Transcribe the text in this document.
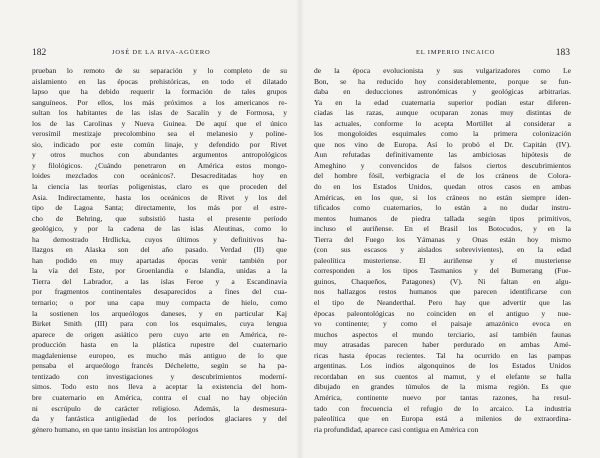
182	JOSÉ DE LA RIVA-AGÜERO
prueban lo remoto de su separación y lo completo de su
aislamiento en las épocas prehistóricas, en todo el dilatado
lapso que ha debido requerir la formación de tales grupos
sanguíneos. Por ellos, los más próximos a los americanos re-
sultan los habitantes de las islas de Sacalín y de Formosa, y
los de las Carolinas y Nueva Guinea. De aquí que el único
verosímil mestizaje precolombino sea el melanesio y poline-
sio, indicado por este común linaje, y defendido por Rivet
y otros muchos con abundantes argumentos antropológicos
y filológicos. ¿Cuándo penetraron en América estos mongo-
loides mezclados con oceánicos?. Desacreditadas hoy en
la ciencia las teorías poligenistas, claro es que proceden del
Asia. Indirectamente, hasta los oceánicos de Rivet y los del
tipo de Lagoa Santa; directamente, los más por el estre-
cho de Behring, que subsistió hasta el presente período
geológico, y por la cadena de las islas Aleutinas, como lo
ha demostrado Hrdlicka, cuyos últimos y definitivos ha-
llazgos en Alaska son del año pasado. Verdad (II) que
han podido en muy apartadas épocas venir también por
la vía del Este, por Groenlandia e Islandia, unidas a la
Tierra del Labrador, a las islas Feroe y a Escandinavia
por fragmentos continentales desaparecidos a fines del cua-
ternario; o por una capa muy compacta de hielo, como
la sostienen los arqueólogos daneses, y en particular Kaj
Birket Smith (III) para con los esquimales, cuya lengua
aparece de origen asiático pero cuyo arte en América, re-
producción hasta en la plástica rupestre del cuaternario
magdaleniense europeo, es mucho más antiguo de lo que
pensaba el arqueólogo francés Déchelette, según se ha pa-
tentizado con investigaciones y descubrimientos moderní-
simos. Todo esto nos lleva a aceptar la existencia del hom-
bre cuaternario en América, contra el cual no hay objeción
ni escrúpulo de carácter religioso. Además, la desmesura-
da y fantástica antigüedad de los períodos glaciares y del
género humano, en que tanto insistían los antropólogos
EL IMPERIO INCAICO	183
de la época evolucionista y sus vulgarizadores como Le
Bon, se ha reducido hoy considerablemente, porque se fun-
daba en deducciones astronómicas y geológicas arbitrarias.
Ya en la edad cuaternaria superior podían estar diferen-
ciadas las razas, aunque ocuparan zonas muy distintas de
las actuales, conforme lo acepta Mortillet al considerar a
los mongoloides esquimales como la primera colonización
que nos vino de Europa. Así lo probó el Dr. Capitán (IV).
Aun refutadas definitivamente las ambiciosas hipótesis de
Ameghino y convencidos de falsos ciertos descubrimientos
del hombre fósil, verbigracia el de los cráneos de Colora-
do en los Estados Unidos, quedan otros casos en ambas
Américas, en los que, si los cráneos no están siempre iden-
tificados como cuaternarios, lo están a no dudar instru-
mentos humanos de piedra tallada según tipos primitivos,
incluso el auriñense. En el Brasil los Botocudos, y en la
Tierra del Fuego los Yámanas y Onas están hoy mismo
(con sus escasos y aislados sobrevivientes), en la edad
paleolítica musteriense. El auriñense y el musteriense
corresponden a los tipos Tasmanios y del Bumerang (Fue-
guinos, Chaqueños, Patagones) (V). Ni faltan en algu-
nos hallazgos restos humanos que parecen identificarse con
el tipo de Neanderthal. Pero hay que advertir que las
épocas paleontológicas no coinciden en el antiguo y nue-
vo continente; y como el paisaje amazónico evoca en
muchos aspectos el mundo terciario, así también faunas
muy atrasadas parecen haber perdurado en ambas Amé-
ricas hasta épocas recientes. Tal ha ocurrido en las pampas
argentinas. Los indios algonquinos de los Estados Unidos
recordaban en sus cuentos al mamut, y el elefante se halla
dibujado en grandes túmulos de la misma región. Es que
América, continente nuevo por tantas razones, ha resul-
tado con frecuencia el refugio de lo arcaico. La industria
paleolítica que en Europa está a milenios de extraordina-
ria profundidad, aparece casi contigua en América con
